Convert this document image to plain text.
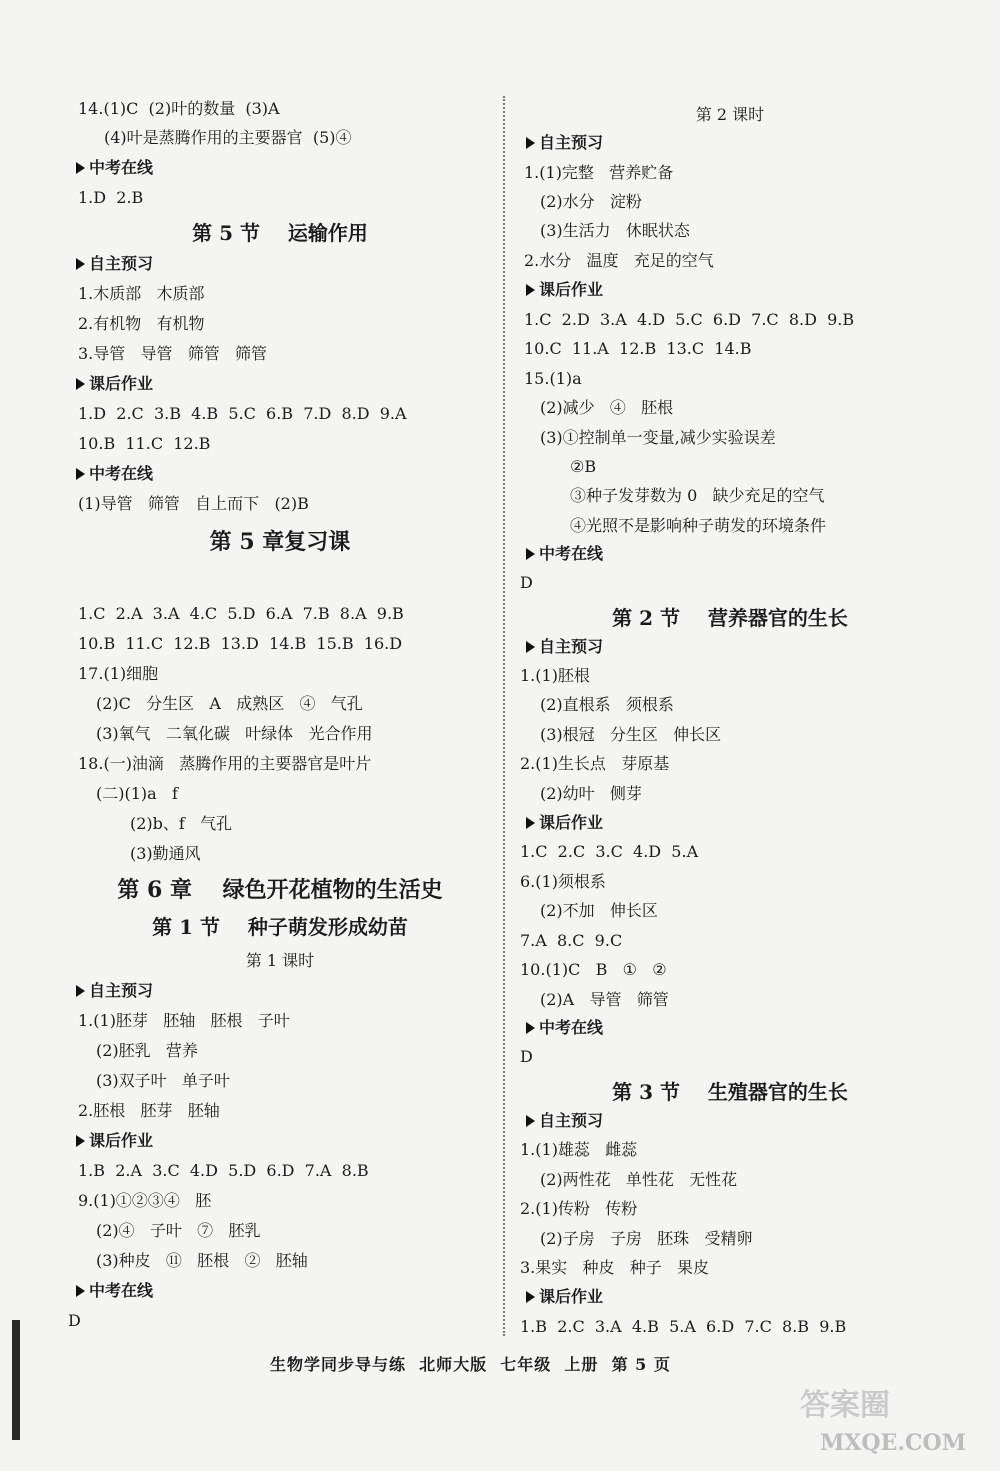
14.(1)C  (2)叶的数量  (3)A
(4)叶是蒸腾作用的主要器官  (5)④
中考在线
1.D  2.B
第 5 节    运输作用
自主预习
1.木质部   木质部
2.有机物   有机物
3.导管   导管   筛管   筛管
课后作业
1.D  2.C  3.B  4.B  5.C  6.B  7.D  8.D  9.A
10.B  11.C  12.B
中考在线
(1)导管   筛管   自上而下   (2)B
第 5 章复习课
1.C  2.A  3.A  4.C  5.D  6.A  7.B  8.A  9.B
10.B  11.C  12.B  13.D  14.B  15.B  16.D
17.(1)细胞
(2)C   分生区   A   成熟区   ④   气孔
(3)氧气   二氧化碳   叶绿体   光合作用
18.(一)油滴   蒸腾作用的主要器官是叶片
(二)(1)a   f
(2)b、f   气孔
(3)勤通风
第 6 章    绿色开花植物的生活史
第 1 节    种子萌发形成幼苗
第 1 课时
自主预习
1.(1)胚芽   胚轴   胚根   子叶
(2)胚乳   营养
(3)双子叶   单子叶
2.胚根   胚芽   胚轴
课后作业
1.B  2.A  3.C  4.D  5.D  6.D  7.A  8.B
9.(1)①②③④   胚
(2)④   子叶   ⑦   胚乳
(3)种皮   ⑪   胚根   ②   胚轴
中考在线
D
第 2 课时
自主预习
1.(1)完整   营养贮备
(2)水分   淀粉
(3)生活力   休眠状态
2.水分   温度   充足的空气
课后作业
1.C  2.D  3.A  4.D  5.C  6.D  7.C  8.D  9.B
10.C  11.A  12.B  13.C  14.B
15.(1)a
(2)减少   ④   胚根
(3)①控制单一变量,减少实验误差
②B
③种子发芽数为 0   缺少充足的空气
④光照不是影响种子萌发的环境条件
中考在线
D
第 2 节    营养器官的生长
自主预习
1.(1)胚根
(2)直根系   须根系
(3)根冠   分生区   伸长区
2.(1)生长点   芽原基
(2)幼叶   侧芽
课后作业
1.C  2.C  3.C  4.D  5.A
6.(1)须根系
(2)不加   伸长区
7.A  8.C  9.C
10.(1)C   B   ①   ②
(2)A   导管   筛管
中考在线
D
第 3 节    生殖器官的生长
自主预习
1.(1)雄蕊   雌蕊
(2)两性花   单性花   无性花
2.(1)传粉   传粉
(2)子房   子房   胚珠   受精卵
3.果实   种皮   种子   果皮
课后作业
1.B  2.C  3.A  4.B  5.A  6.D  7.C  8.B  9.B
生物学同步导与练  北师大版  七年级  上册  第 5 页
答案圈
MXQE.COM
